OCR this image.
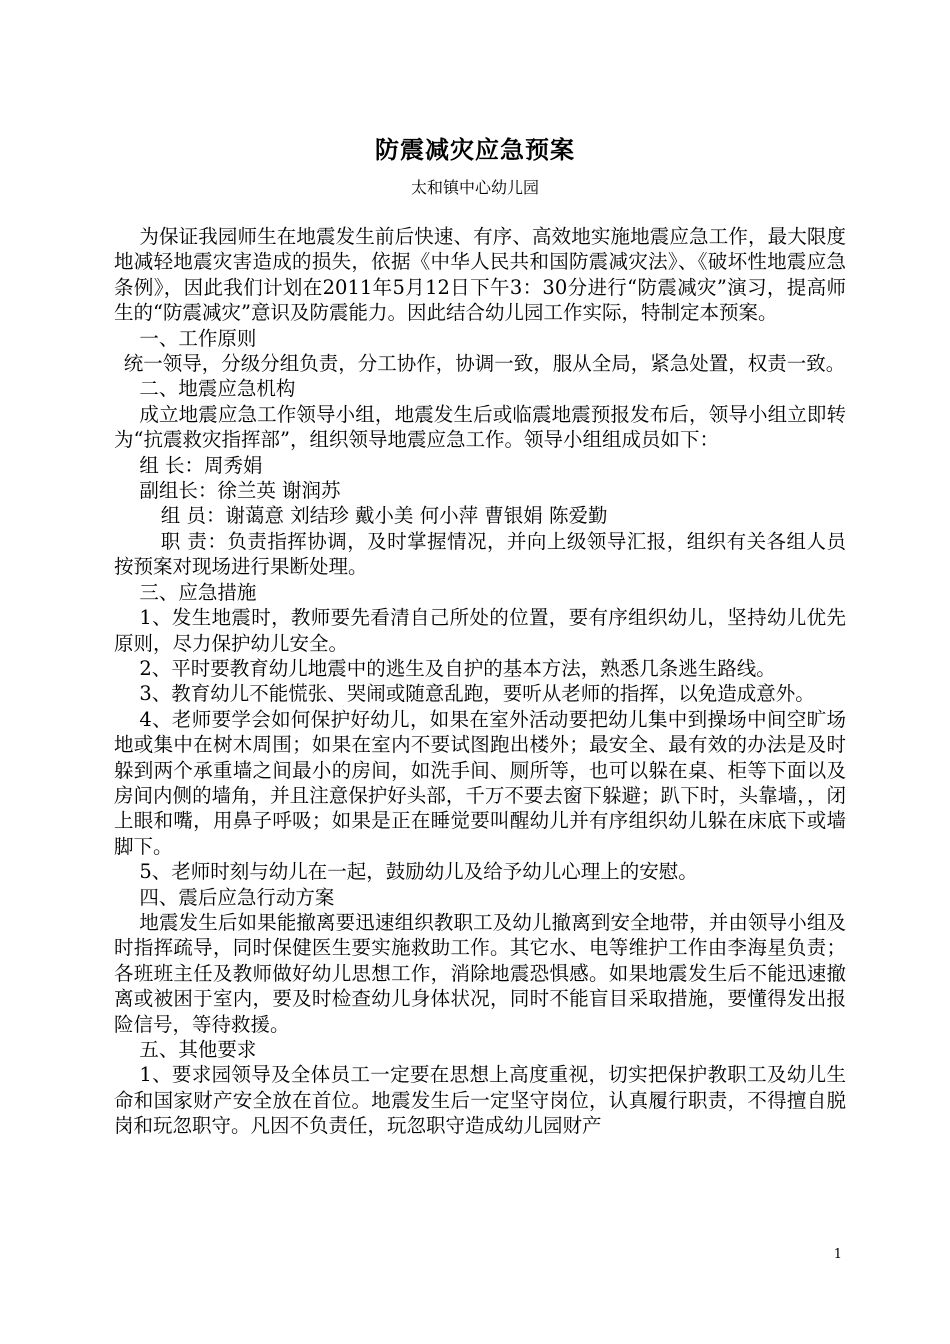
防震减灾应急预案
太和镇中心幼儿园

为保证我园师生在地震发生前后快速、有序、高效地实施地震应急工作，最大限度地减轻地震灾害造成的损失，依据《中华人民共和国防震减灾法》、《破坏性地震应急条例》，因此我们计划在2011年5月12日下午3：30分进行“防震减灾”演习，提高师生的“防震减灾”意识及防震能力。因此结合幼儿园工作实际，特制定本预案。

一、工作原则

统一领导，分级分组负责，分工协作，协调一致，服从全局，紧急处置，权责一致。

二、地震应急机构

成立地震应急工作领导小组，地震发生后或临震地震预报发布后，领导小组立即转为“抗震救灾指挥部”，组织领导地震应急工作。领导小组组成员如下：

组 长：周秀娟

副组长：徐兰英 谢润苏

组 员：谢蔼意 刘结珍 戴小美 何小萍 曹银娟 陈爱勤

职 责：负责指挥协调，及时掌握情况，并向上级领导汇报，组织有关各组人员按预案对现场进行果断处理。

三、应急措施

1、发生地震时，教师要先看清自己所处的位置，要有序组织幼儿，坚持幼儿优先原则，尽力保护幼儿安全。

2、平时要教育幼儿地震中的逃生及自护的基本方法，熟悉几条逃生路线。

3、教育幼儿不能慌张、哭闹或随意乱跑，要听从老师的指挥，以免造成意外。

4、老师要学会如何保护好幼儿，如果在室外活动要把幼儿集中到操场中间空旷场地或集中在树木周围；如果在室内不要试图跑出楼外；最安全、最有效的办法是及时躲到两个承重墙之间最小的房间，如洗手间、厕所等，也可以躲在桌、柜等下面以及房间内侧的墙角，并且注意保护好头部，千万不要去窗下躲避；趴下时，头靠墙，，闭上眼和嘴，用鼻子呼吸；如果是正在睡觉要叫醒幼儿并有序组织幼儿躲在床底下或墙脚下。

5、老师时刻与幼儿在一起，鼓励幼儿及给予幼儿心理上的安慰。

四、震后应急行动方案

地震发生后如果能撤离要迅速组织教职工及幼儿撤离到安全地带，并由领导小组及时指挥疏导，同时保健医生要实施救助工作。其它水、电等维护工作由李海星负责；各班班主任及教师做好幼儿思想工作，消除地震恐惧感。如果地震发生后不能迅速撤离或被困于室内，要及时检查幼儿身体状况，同时不能盲目采取措施，要懂得发出报险信号，等待救援。

五、其他要求

1、要求园领导及全体员工一定要在思想上高度重视，切实把保护教职工及幼儿生命和国家财产安全放在首位。地震发生后一定坚守岗位，认真履行职责，不得擅自脱岗和玩忽职守。凡因不负责任，玩忽职守造成幼儿园财产

1
